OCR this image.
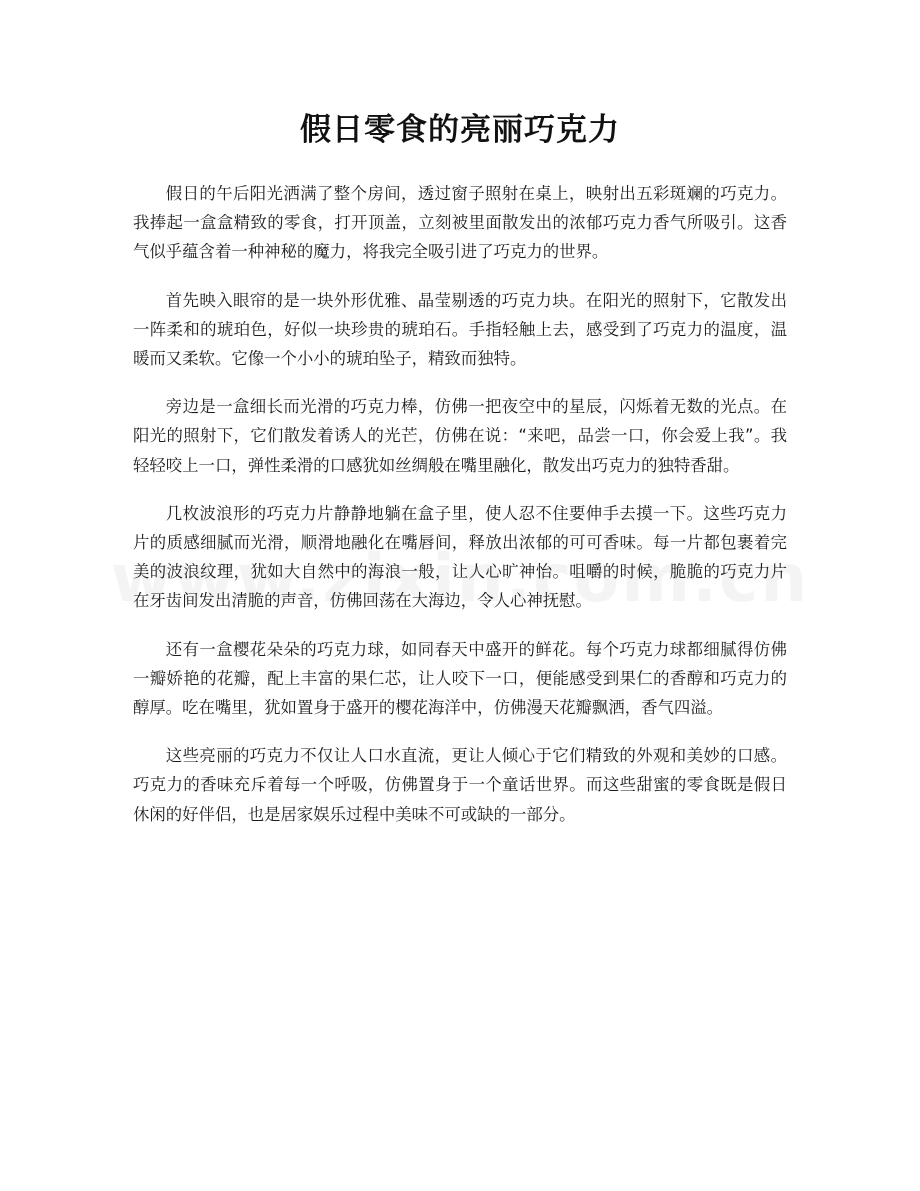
假日零食的亮丽巧克力

假日的午后阳光洒满了整个房间，透过窗子照射在桌上，映射出五彩斑斓的巧克力。我捧起一盒盒精致的零食，打开顶盖，立刻被里面散发出的浓郁巧克力香气所吸引。这香气似乎蕴含着一种神秘的魔力，将我完全吸引进了巧克力的世界。

首先映入眼帘的是一块外形优雅、晶莹剔透的巧克力块。在阳光的照射下，它散发出一阵柔和的琥珀色，好似一块珍贵的琥珀石。手指轻触上去，感受到了巧克力的温度，温暖而又柔软。它像一个小小的琥珀坠子，精致而独特。

旁边是一盒细长而光滑的巧克力棒，仿佛一把夜空中的星辰，闪烁着无数的光点。在阳光的照射下，它们散发着诱人的光芒，仿佛在说：“来吧，品尝一口，你会爱上我”。我轻轻咬上一口，弹性柔滑的口感犹如丝绸般在嘴里融化，散发出巧克力的独特香甜。

几枚波浪形的巧克力片静静地躺在盒子里，使人忍不住要伸手去摸一下。这些巧克力片的质感细腻而光滑，顺滑地融化在嘴唇间，释放出浓郁的可可香味。每一片都包裹着完美的波浪纹理，犹如大自然中的海浪一般，让人心旷神怡。咀嚼的时候，脆脆的巧克力片在牙齿间发出清脆的声音，仿佛回荡在大海边，令人心神抚慰。

还有一盒樱花朵朵的巧克力球，如同春天中盛开的鲜花。每个巧克力球都细腻得仿佛一瓣娇艳的花瓣，配上丰富的果仁芯，让人咬下一口，便能感受到果仁的香醇和巧克力的醇厚。吃在嘴里，犹如置身于盛开的樱花海洋中，仿佛漫天花瓣飘洒，香气四溢。

这些亮丽的巧克力不仅让人口水直流，更让人倾心于它们精致的外观和美妙的口感。巧克力的香味充斥着每一个呼吸，仿佛置身于一个童话世界。而这些甜蜜的零食既是假日休闲的好伴侣，也是居家娱乐过程中美味不可或缺的一部分。
